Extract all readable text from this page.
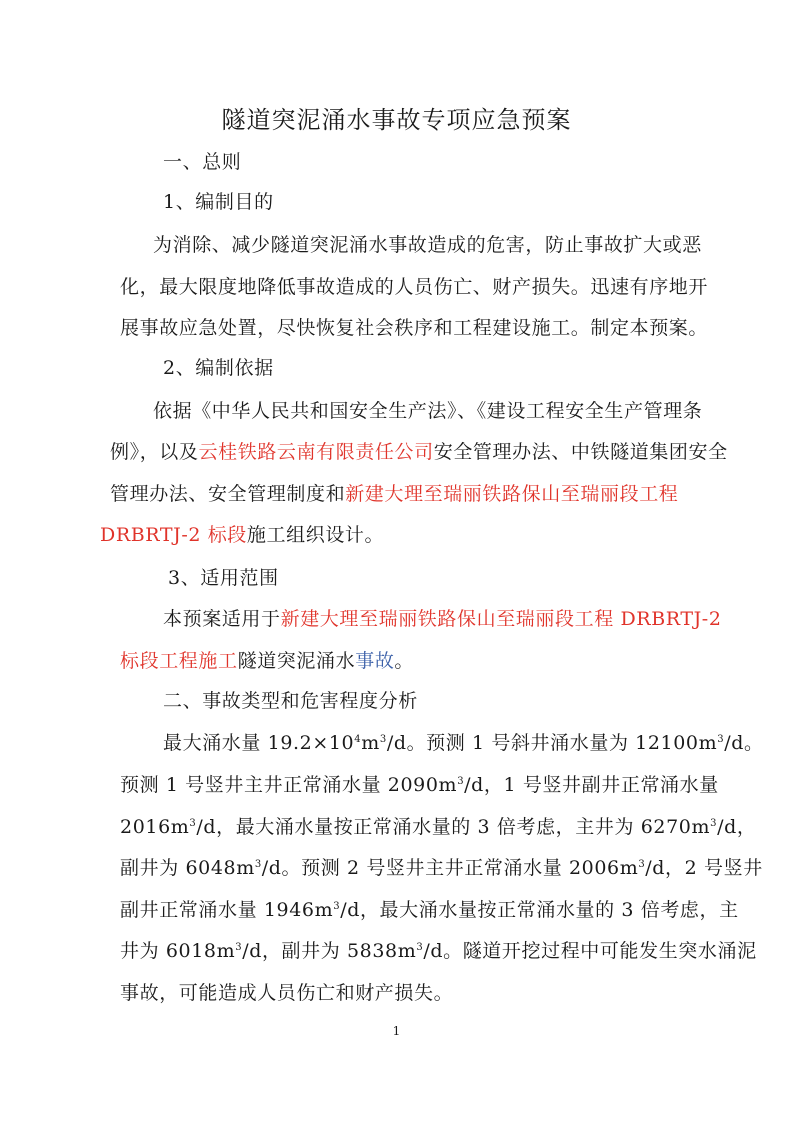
隧道突泥涌水事故专项应急预案
一、总则
1、编制目的
为消除、减少隧道突泥涌水事故造成的危害，防止事故扩大或恶
化，最大限度地降低事故造成的人员伤亡、财产损失。迅速有序地开
展事故应急处置，尽快恢复社会秩序和工程建设施工。制定本预案。
2、编制依据
依据《中华人民共和国安全生产法》、《建设工程安全生产管理条
例》，以及云桂铁路云南有限责任公司安全管理办法、中铁隧道集团安全
管理办法、安全管理制度和新建大理至瑞丽铁路保山至瑞丽段工程
DRBRTJ-2 标段施工组织设计。
3、适用范围
本预案适用于新建大理至瑞丽铁路保山至瑞丽段工程 DRBRTJ-2
标段工程施工隧道突泥涌水事故。
二、事故类型和危害程度分析
最大涌水量 $19.2\times 10^4m^3/d$。预测 1 号斜井涌水量为 $12100m^3/d$。
预测 1 号竖井主井正常涌水量 $2090m^3/d$，1 号竖井副井正常涌水量
$2016m^3/d$，最大涌水量按正常涌水量的 3 倍考虑，主井为 $6270m^3/d$，
副井为 $6048m^3/d$。预测 2 号竖井主井正常涌水量 $2006m^3/d$，2 号竖井
副井正常涌水量 $1946m^3/d$，最大涌水量按正常涌水量的 3 倍考虑，主
井为 $6018m^3/d$，副井为 $5838m^3/d$。隧道开挖过程中可能发生突水涌泥
事故，可能造成人员伤亡和财产损失。
1
